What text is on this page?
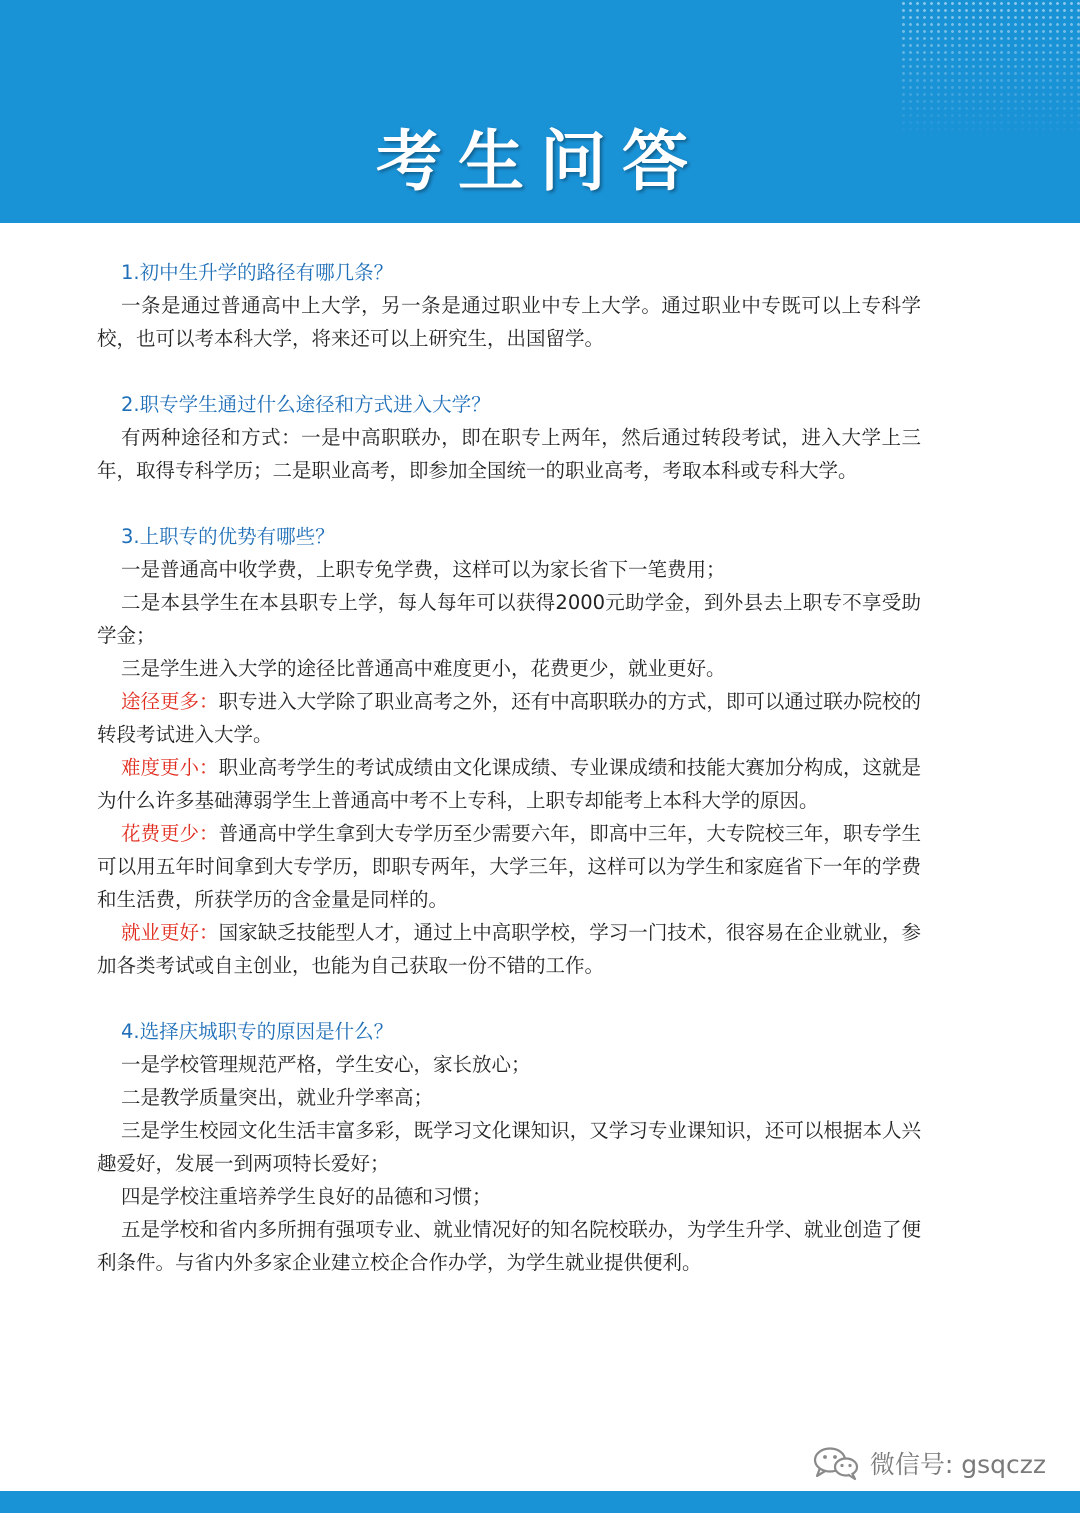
考生问答
1.初中生升学的路径有哪几条？
一条是通过普通高中上大学，另一条是通过职业中专上大学。通过职业中专既可以上专科学校，也可以考本科大学，将来还可以上研究生，出国留学。
2.职专学生通过什么途径和方式进入大学？
有两种途径和方式：一是中高职联办，即在职专上两年，然后通过转段考试，进入大学上三年，取得专科学历；二是职业高考，即参加全国统一的职业高考，考取本科或专科大学。
3.上职专的优势有哪些？
一是普通高中收学费，上职专免学费，这样可以为家长省下一笔费用；
二是本县学生在本县职专上学，每人每年可以获得2000元助学金，到外县去上职专不享受助学金；
三是学生进入大学的途径比普通高中难度更小，花费更少，就业更好。
途径更多：职专进入大学除了职业高考之外，还有中高职联办的方式，即可以通过联办院校的转段考试进入大学。
难度更小：职业高考学生的考试成绩由文化课成绩、专业课成绩和技能大赛加分构成，这就是为什么许多基础薄弱学生上普通高中考不上专科，上职专却能考上本科大学的原因。
花费更少：普通高中学生拿到大专学历至少需要六年，即高中三年，大专院校三年，职专学生可以用五年时间拿到大专学历，即职专两年，大学三年，这样可以为学生和家庭省下一年的学费和生活费，所获学历的含金量是同样的。
就业更好：国家缺乏技能型人才，通过上中高职学校，学习一门技术，很容易在企业就业，参加各类考试或自主创业，也能为自己获取一份不错的工作。
4.选择庆城职专的原因是什么？
一是学校管理规范严格，学生安心，家长放心；
二是教学质量突出，就业升学率高；
三是学生校园文化生活丰富多彩，既学习文化课知识，又学习专业课知识，还可以根据本人兴趣爱好，发展一到两项特长爱好；
四是学校注重培养学生良好的品德和习惯；
五是学校和省内多所拥有强项专业、就业情况好的知名院校联办，为学生升学、就业创造了便利条件。与省内外多家企业建立校企合作办学，为学生就业提供便利。
微信号: gsqczz
